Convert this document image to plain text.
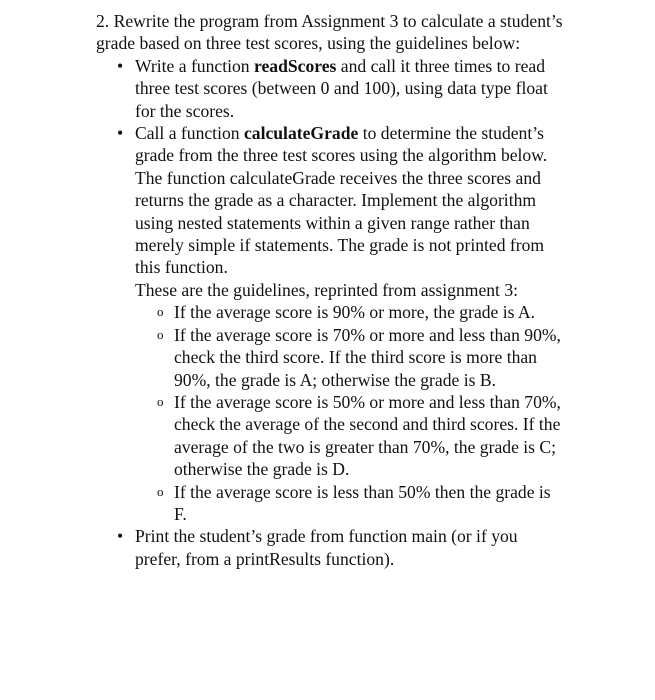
2. Rewrite the program from Assignment 3 to calculate a student’s grade based on three test scores, using the guidelines below:

• Write a function readScores and call it three times to read three test scores (between 0 and 100), using data type float for the scores.
• Call a function calculateGrade to determine the student’s grade from the three test scores using the algorithm below. The function calculateGrade receives the three scores and returns the grade as a character. Implement the algorithm using nested statements within a given range rather than merely simple if statements. The grade is not printed from this function.

These are the guidelines, reprinted from assignment 3:

o If the average score is 90% or more, the grade is A.
o If the average score is 70% or more and less than 90%, check the third score. If the third score is more than 90%, the grade is A; otherwise the grade is B.
o If the average score is 50% or more and less than 70%, check the average of the second and third scores. If the average of the two is greater than 70%, the grade is C; otherwise the grade is D.
o If the average score is less than 50% then the grade is F.
• Print the student’s grade from function main (or if you prefer, from a printResults function).
